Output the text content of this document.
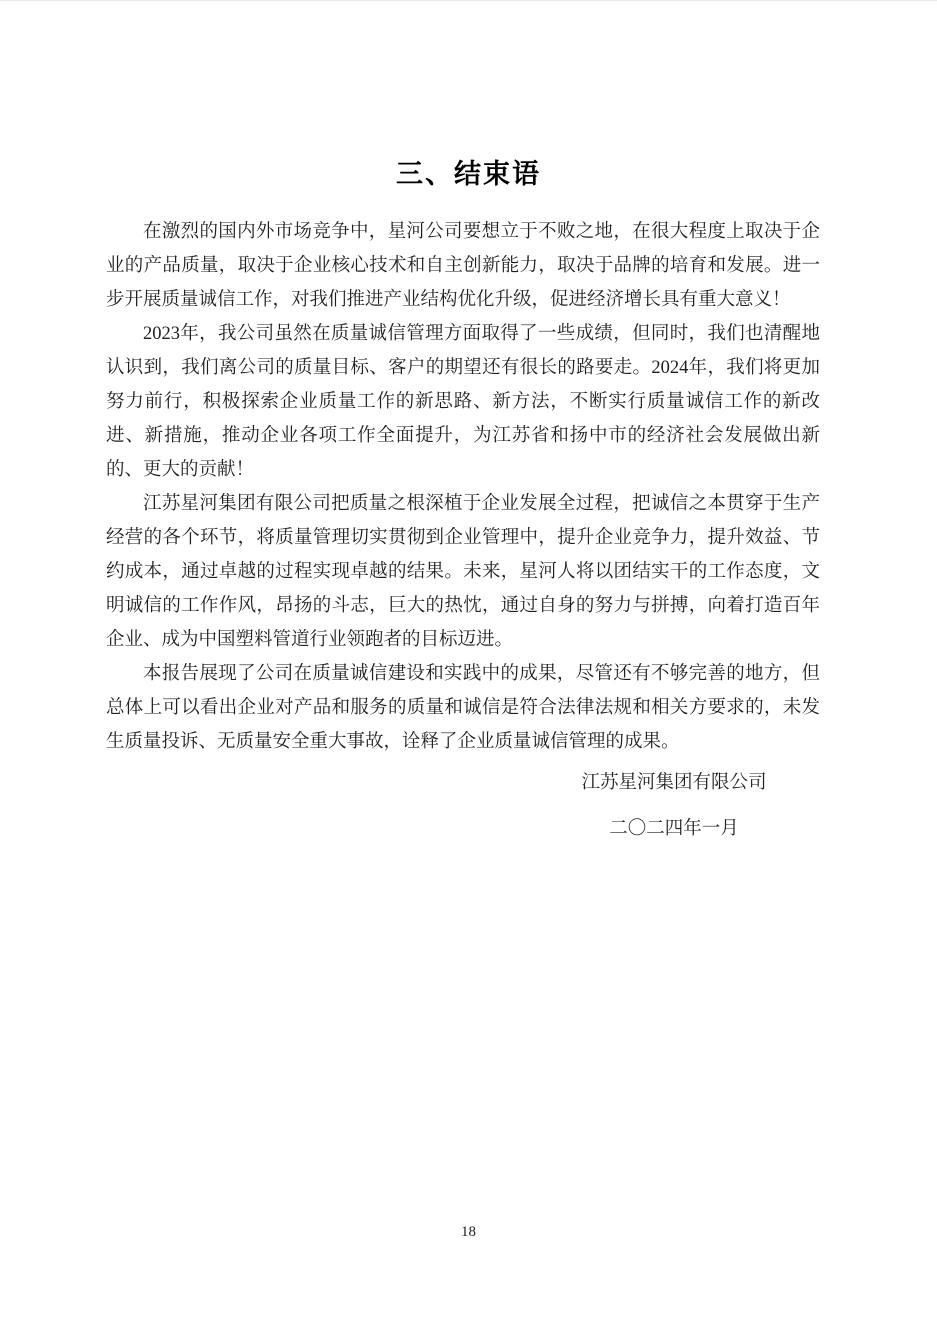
三、结束语

在激烈的国内外市场竞争中，星河公司要想立于不败之地，在很大程度上取决于企业的产品质量，取决于企业核心技术和自主创新能力，取决于品牌的培育和发展。进一步开展质量诚信工作，对我们推进产业结构优化升级，促进经济增长具有重大意义！

2023年，我公司虽然在质量诚信管理方面取得了一些成绩，但同时，我们也清醒地认识到，我们离公司的质量目标、客户的期望还有很长的路要走。2024年，我们将更加努力前行，积极探索企业质量工作的新思路、新方法，不断实行质量诚信工作的新改进、新措施，推动企业各项工作全面提升，为江苏省和扬中市的经济社会发展做出新的、更大的贡献！

江苏星河集团有限公司把质量之根深植于企业发展全过程，把诚信之本贯穿于生产经营的各个环节，将质量管理切实贯彻到企业管理中，提升企业竞争力，提升效益、节约成本，通过卓越的过程实现卓越的结果。未来，星河人将以团结实干的工作态度，文明诚信的工作作风，昂扬的斗志，巨大的热忱，通过自身的努力与拼搏，向着打造百年企业、成为中国塑料管道行业领跑者的目标迈进。

本报告展现了公司在质量诚信建设和实践中的成果，尽管还有不够完善的地方，但总体上可以看出企业对产品和服务的质量和诚信是符合法律法规和相关方要求的，未发生质量投诉、无质量安全重大事故，诠释了企业质量诚信管理的成果。

江苏星河集团有限公司
二〇二四年一月
18
